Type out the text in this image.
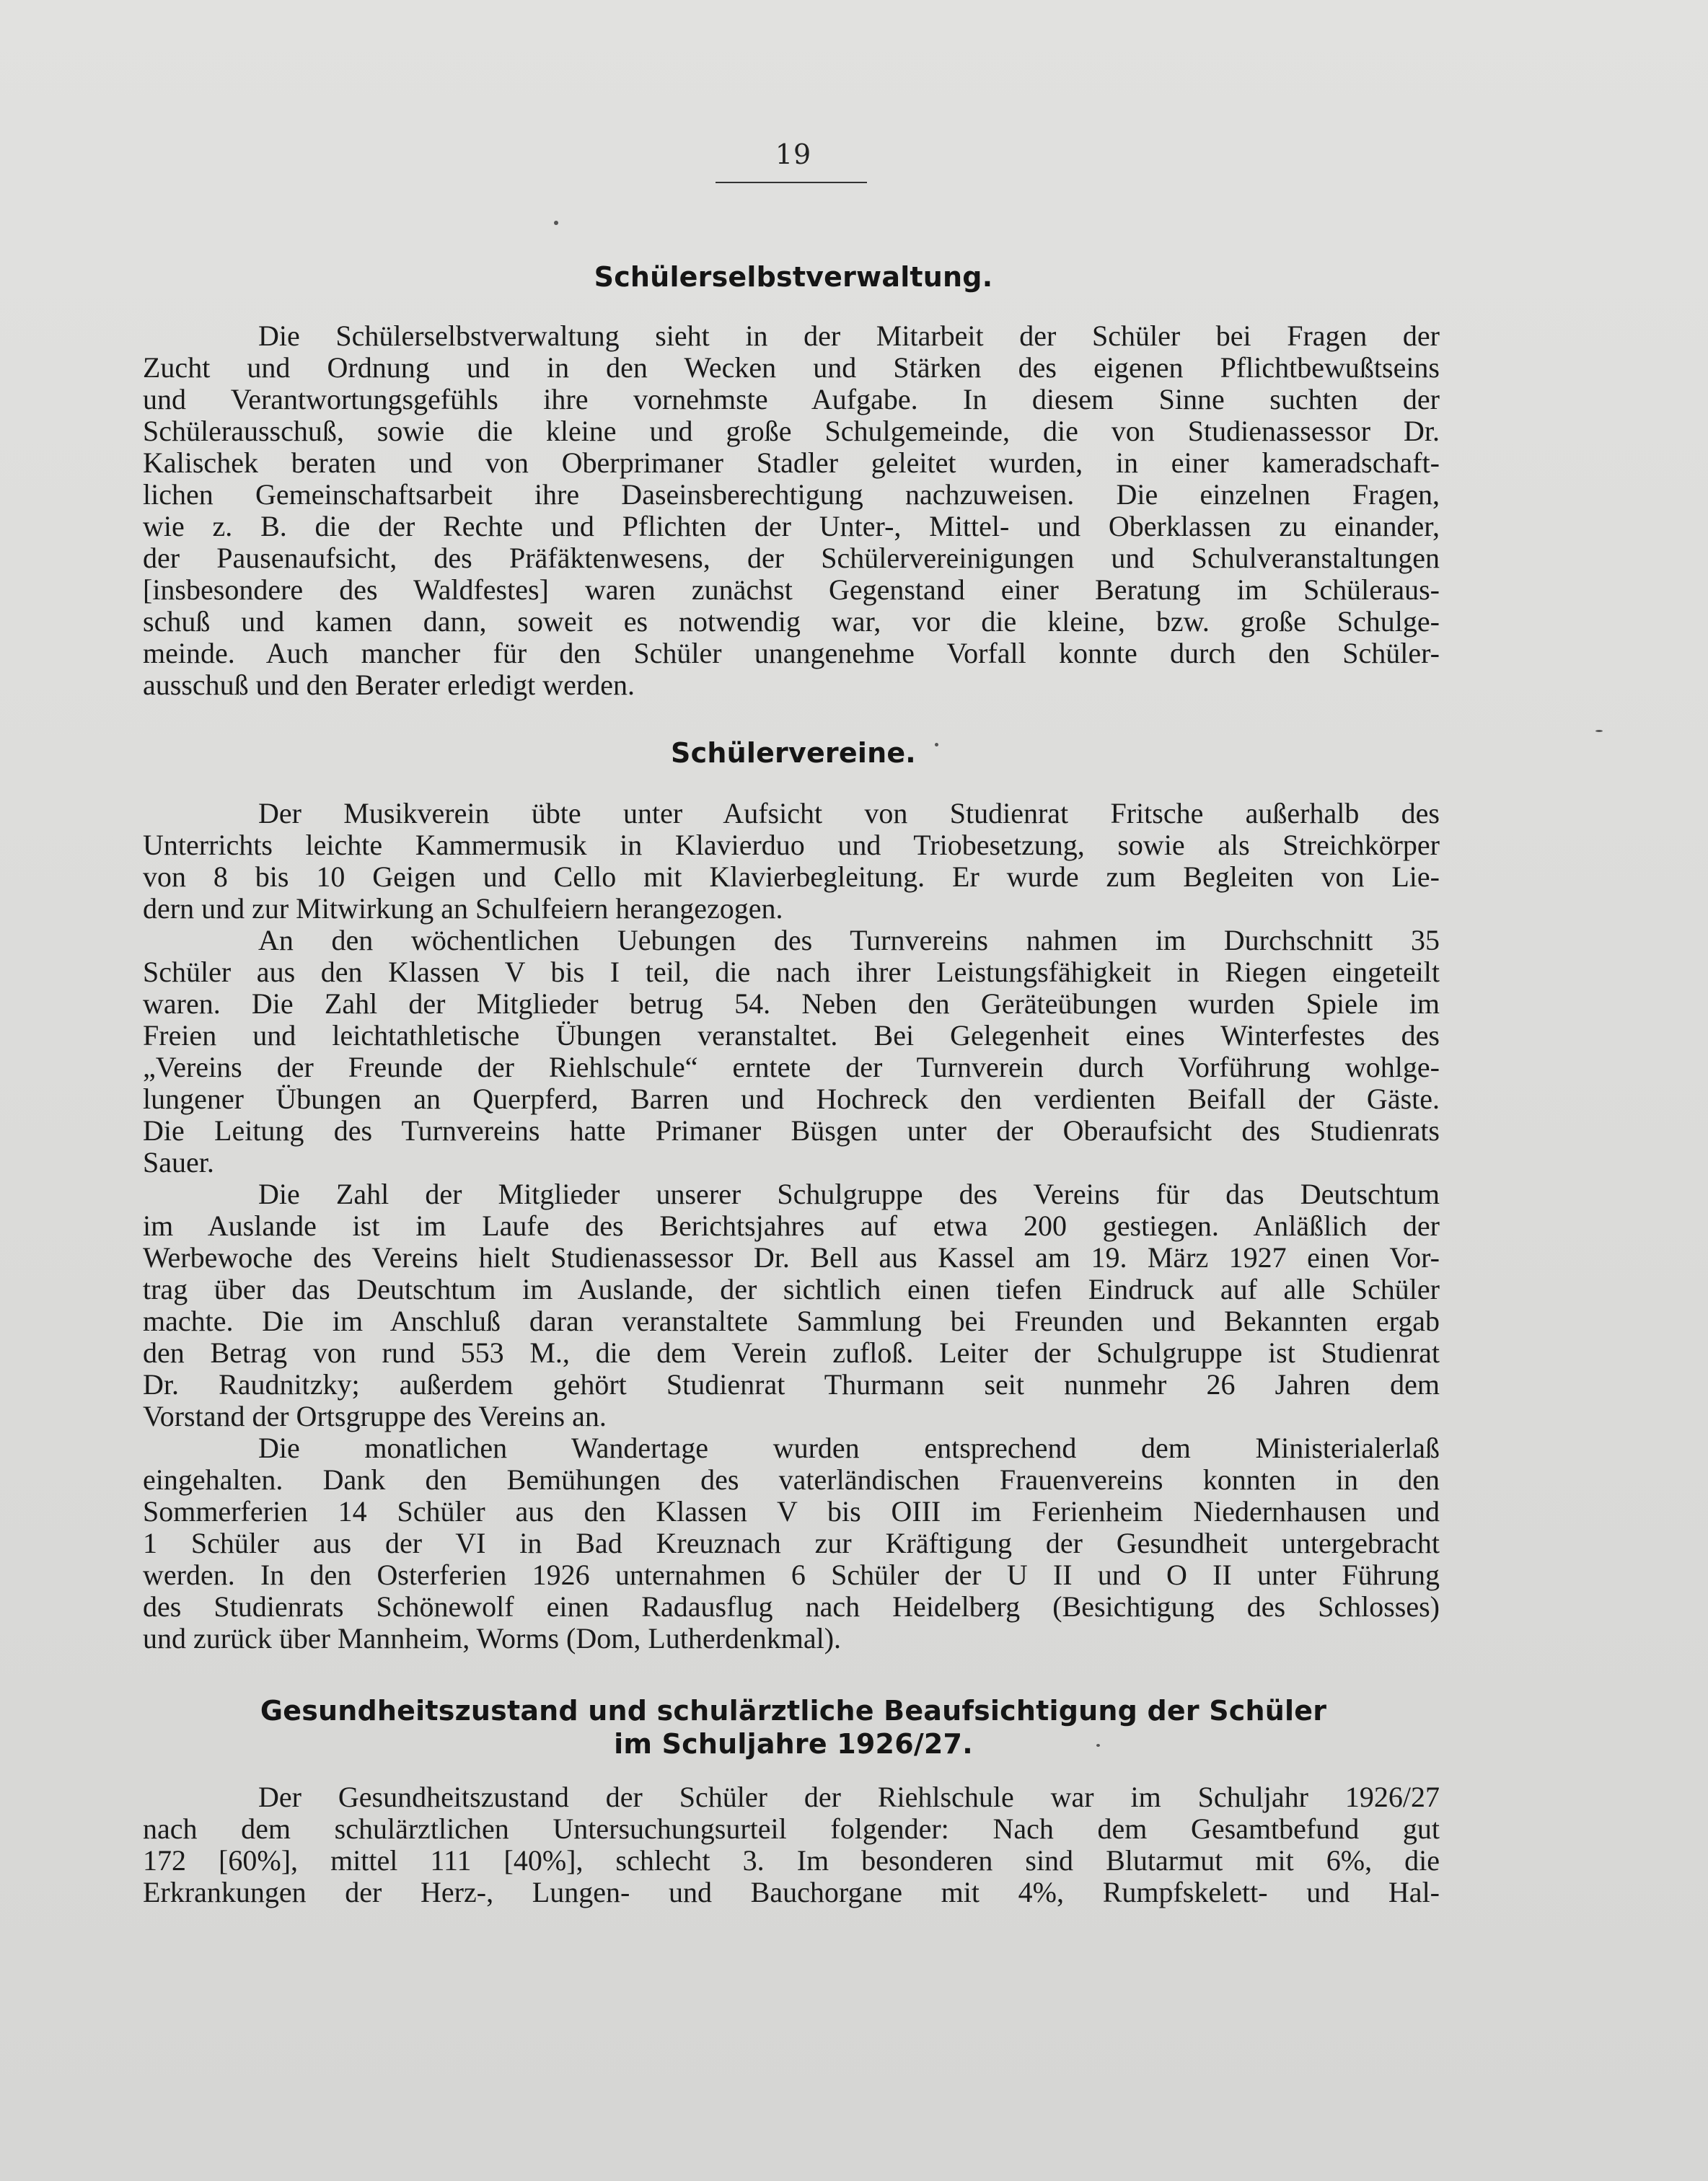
19
Schülerselbstverwaltung.
Die Schülerselbstverwaltung sieht in der Mitarbeit der Schüler bei Fragen der
Zucht und Ordnung und in den Wecken und Stärken des eigenen Pflichtbewußtseins
und Verantwortungsgefühls ihre vornehmste Aufgabe. In diesem Sinne suchten der
Schülerausschuß, sowie die kleine und große Schulgemeinde, die von Studienassessor Dr.
Kalischek beraten und von Oberprimaner Stadler geleitet wurden, in einer kameradschaft-
lichen Gemeinschaftsarbeit ihre Daseinsberechtigung nachzuweisen. Die einzelnen Fragen,
wie z. B. die der Rechte und Pflichten der Unter-, Mittel- und Oberklassen zu einander,
der Pausenaufsicht, des Präfäktenwesens, der Schülervereinigungen und Schulveranstaltungen
[insbesondere des Waldfestes] waren zunächst Gegenstand einer Beratung im Schüleraus-
schuß und kamen dann, soweit es notwendig war, vor die kleine, bzw. große Schulge-
meinde. Auch mancher für den Schüler unangenehme Vorfall konnte durch den Schüler-
ausschuß und den Berater erledigt werden.
Schülervereine.
Der Musikverein übte unter Aufsicht von Studienrat Fritsche außerhalb des
Unterrichts leichte Kammermusik in Klavierduo und Triobesetzung, sowie als Streichkörper
von 8 bis 10 Geigen und Cello mit Klavierbegleitung. Er wurde zum Begleiten von Lie-
dern und zur Mitwirkung an Schulfeiern herangezogen.
An den wöchentlichen Uebungen des Turnvereins nahmen im Durchschnitt 35
Schüler aus den Klassen V bis I teil, die nach ihrer Leistungsfähigkeit in Riegen eingeteilt
waren. Die Zahl der Mitglieder betrug 54. Neben den Geräteübungen wurden Spiele im
Freien und leichtathletische Übungen veranstaltet. Bei Gelegenheit eines Winterfestes des
„Vereins der Freunde der Riehlschule“ erntete der Turnverein durch Vorführung wohlge-
lungener Übungen an Querpferd, Barren und Hochreck den verdienten Beifall der Gäste.
Die Leitung des Turnvereins hatte Primaner Büsgen unter der Oberaufsicht des Studienrats
Sauer.
Die Zahl der Mitglieder unserer Schulgruppe des Vereins für das Deutschtum
im Auslande ist im Laufe des Berichtsjahres auf etwa 200 gestiegen. Anläßlich der
Werbewoche des Vereins hielt Studienassessor Dr. Bell aus Kassel am 19. März 1927 einen Vor-
trag über das Deutschtum im Auslande, der sichtlich einen tiefen Eindruck auf alle Schüler
machte. Die im Anschluß daran veranstaltete Sammlung bei Freunden und Bekannten ergab
den Betrag von rund 553 M., die dem Verein zufloß. Leiter der Schulgruppe ist Studienrat
Dr. Raudnitzky; außerdem gehört Studienrat Thurmann seit nunmehr 26 Jahren dem
Vorstand der Ortsgruppe des Vereins an.
Die monatlichen Wandertage wurden entsprechend dem Ministerialerlaß
eingehalten. Dank den Bemühungen des vaterländischen Frauenvereins konnten in den
Sommerferien 14 Schüler aus den Klassen V bis OIII im Ferienheim Niedernhausen und
1 Schüler aus der VI in Bad Kreuznach zur Kräftigung der Gesundheit untergebracht
werden. In den Osterferien 1926 unternahmen 6 Schüler der U II und O II unter Führung
des Studienrats Schönewolf einen Radausflug nach Heidelberg (Besichtigung des Schlosses)
und zurück über Mannheim, Worms (Dom, Lutherdenkmal).
Gesundheitszustand und schulärztliche Beaufsichtigung der Schüler
im Schuljahre 1926/27.
Der Gesundheitszustand der Schüler der Riehlschule war im Schuljahr 1926/27
nach dem schulärztlichen Untersuchungsurteil folgender: Nach dem Gesamtbefund gut
172 [60%], mittel 111 [40%], schlecht 3. Im besonderen sind Blutarmut mit 6%, die
Erkrankungen der Herz-, Lungen- und Bauchorgane mit 4%, Rumpfskelett- und Hal-
